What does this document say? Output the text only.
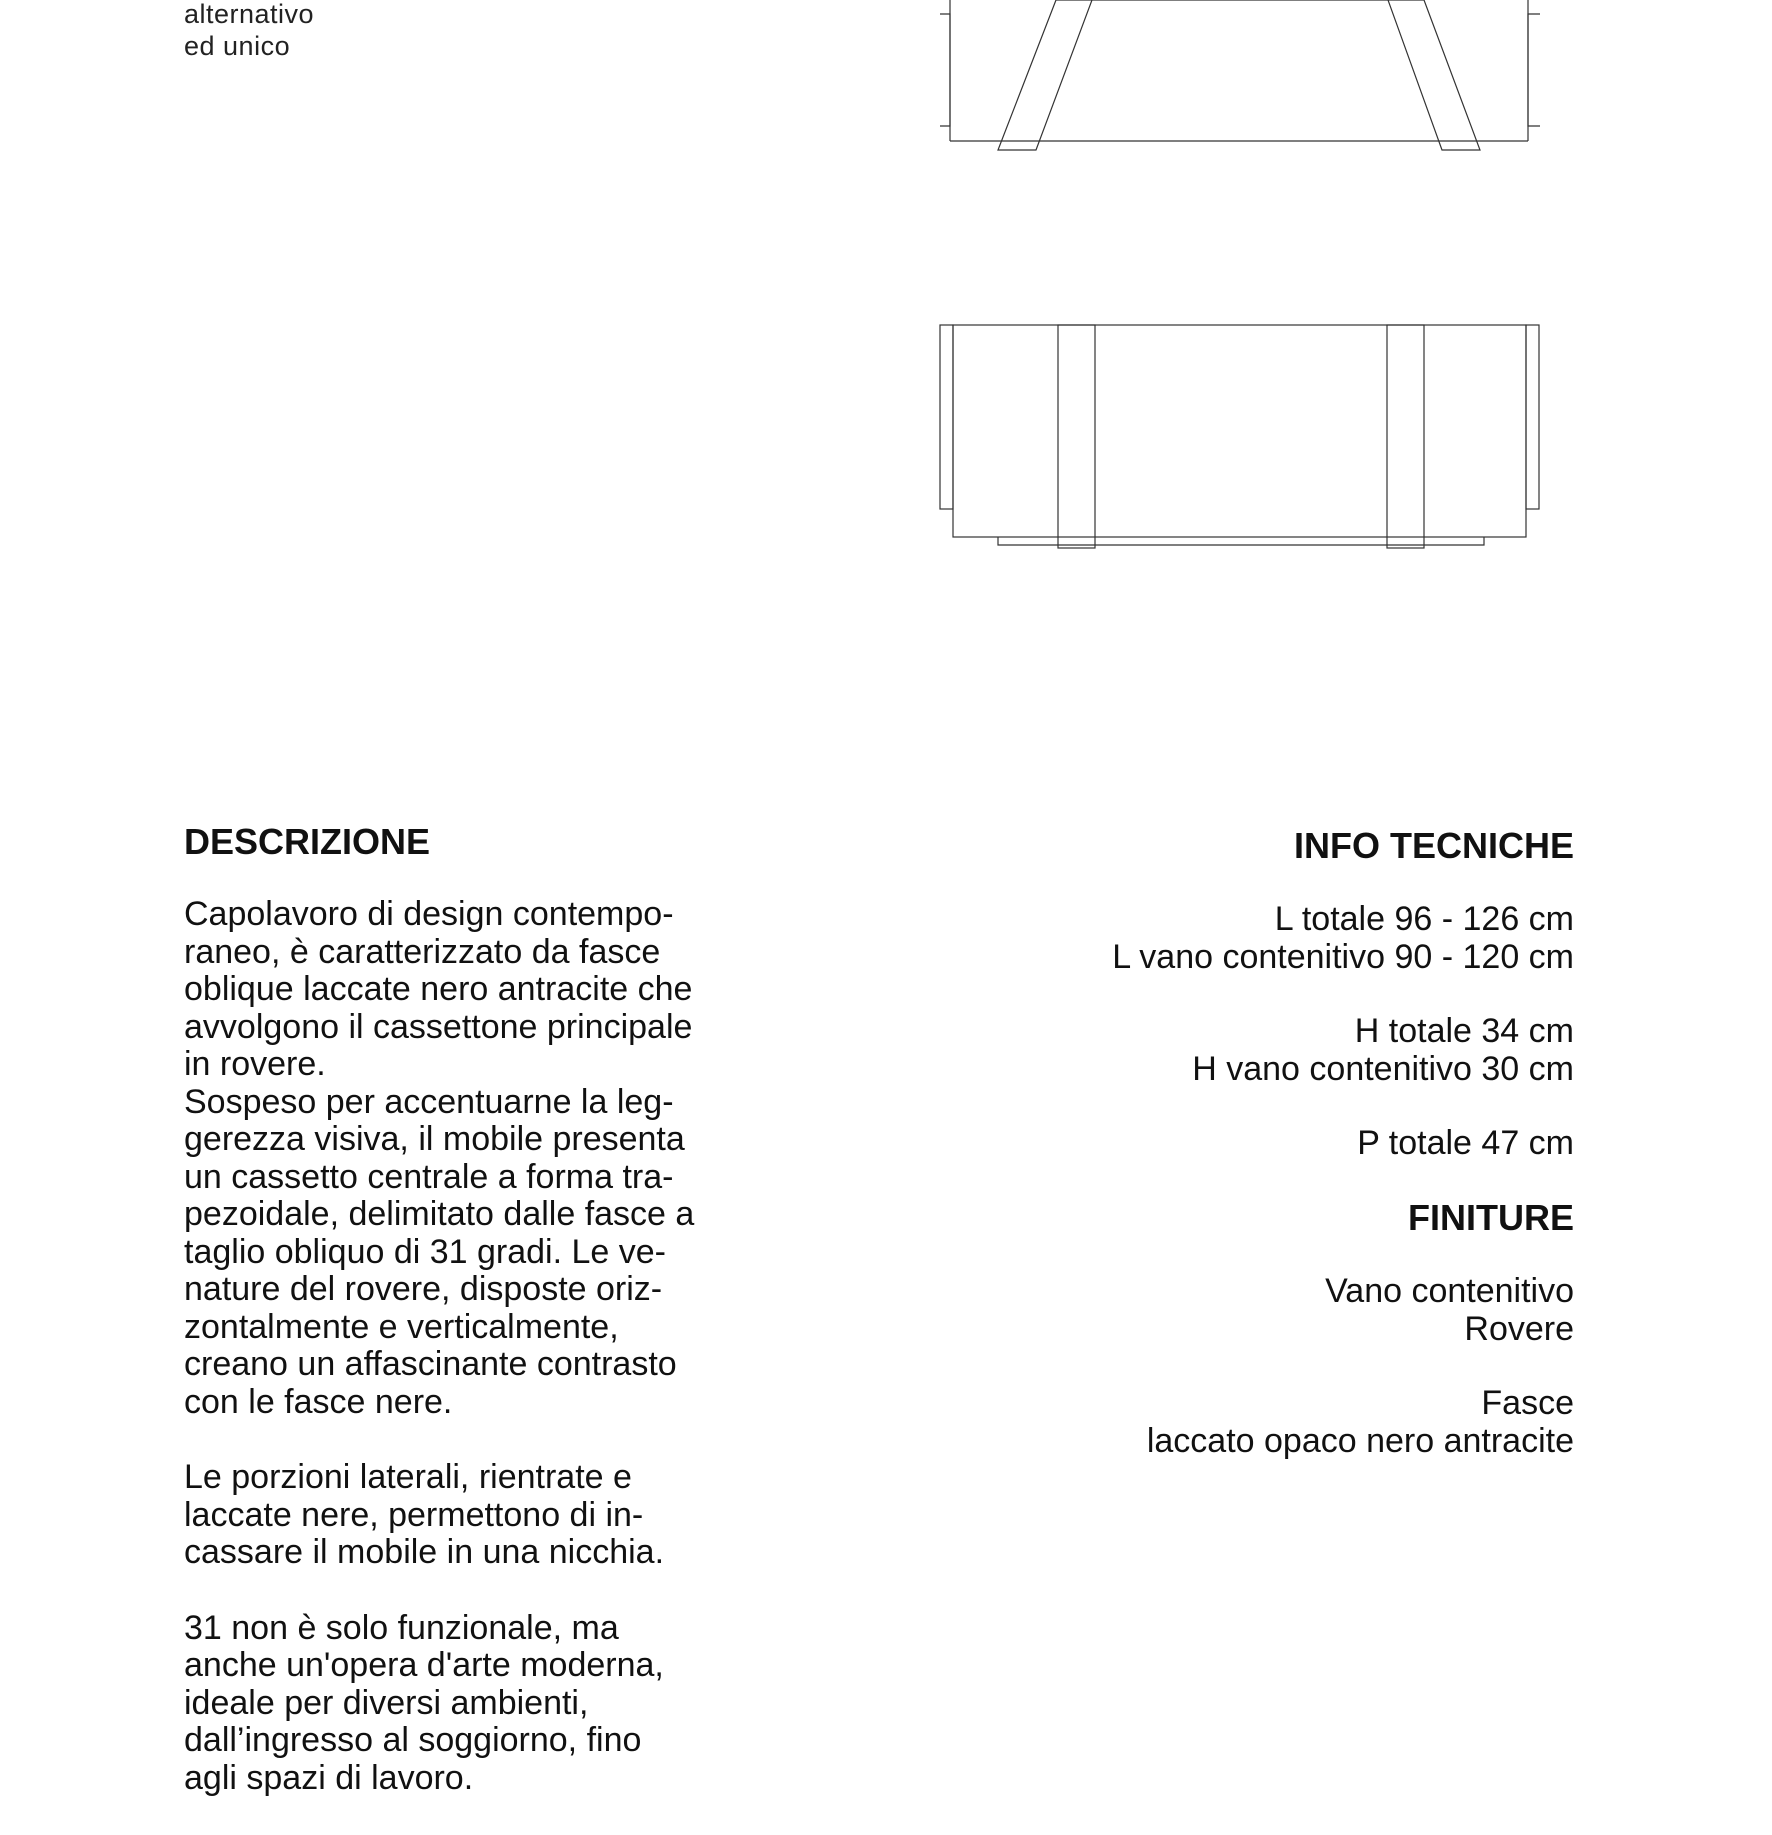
alternativo
ed unico
DESCRIZIONE

Capolavoro di design contempo-
raneo, è caratterizzato da fasce
oblique laccate nero antracite che
avvolgono il cassettone principale
in rovere.
Sospeso per accentuarne la leg-
gerezza visiva, il mobile presenta
un cassetto centrale a forma tra-
pezoidale, delimitato dalle fasce a
taglio obliquo di 31 gradi. Le ve-
nature del rovere, disposte oriz-
zontalmente e verticalmente,
creano un affascinante contrasto
con le fasce nere.

Le porzioni laterali, rientrate e
laccate nere, permettono di in-
cassare il mobile in una nicchia.

31 non è solo funzionale, ma
anche un'opera d'arte moderna,
ideale per diversi ambienti,
dall’ingresso al soggiorno, fino
agli spazi di lavoro.

INFO TECNICHE
L totale 96 - 126 cm
L vano contenitivo 90 - 120 cm
H totale 34 cm
H vano contenitivo 30 cm
P totale 47 cm
FINITURE
Vano contenitivo
Rovere
Fasce
laccato opaco nero antracite
